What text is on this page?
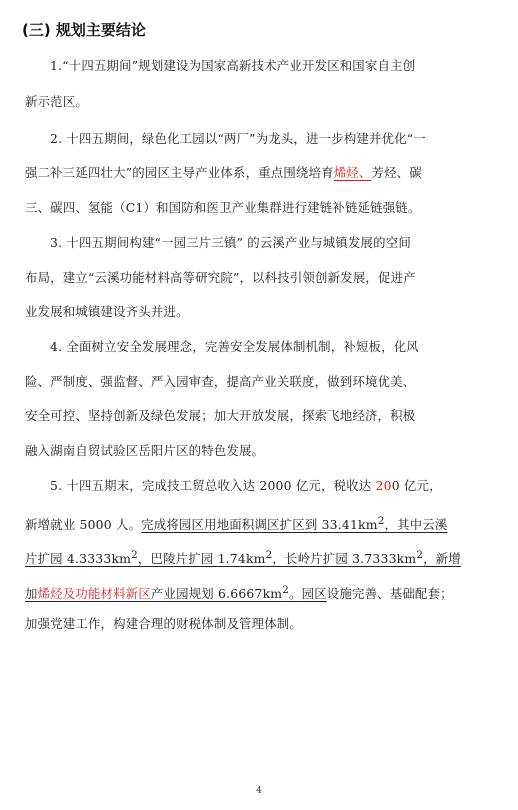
(三) 规划主要结论
1.“十四五期间”规划建设为国家高新技术产业开发区和国家自主创
新示范区。
2. 十四五期间，绿色化工园以“两厂”为龙头，进一步构建并优化“一
强二补三延四壮大”的园区主导产业体系，重点围绕培育烯烃、芳烃、碳
三、碳四、氢能（C1）和国防和医卫产业集群进行建链补链延链强链。
3. 十四五期间构建“一园三片三镇” 的云溪产业与城镇发展的空间
布局，建立“云溪功能材料高等研究院”，以科技引领创新发展，促进产
业发展和城镇建设齐头并进。
4. 全面树立安全发展理念，完善安全发展体制机制，补短板，化风
险、严制度、强监督、严入园审查，提高产业关联度，做到环境优美、
安全可控、坚持创新及绿色发展；加大开放发展，探索飞地经济，积极
融入湖南自贸试验区岳阳片区的特色发展。
5. 十四五期末，完成技工贸总收入达 2000 亿元，税收达 200 亿元，
新增就业 5000 人。完成将园区用地面积调区扩区到 $33.41km^2$，其中云溪
片扩园 $4.3333km^2$，巴陵片扩园 $1.74km^2$，长岭片扩园 $3.7333km^2$，新增
加烯烃及功能材料新区产业园规划 $6.6667km^2$。园区设施完善、基础配套；
加强党建工作，构建合理的财税体制及管理体制。
4
